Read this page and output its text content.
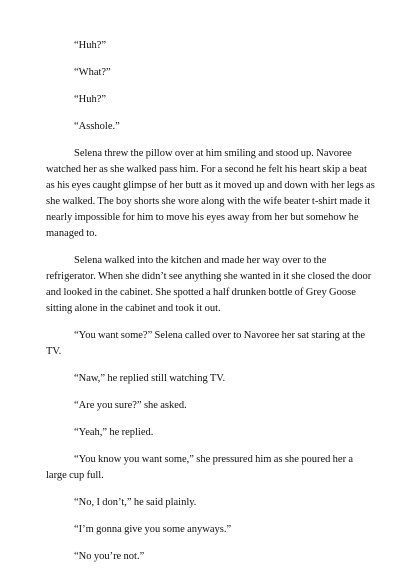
“Huh?”

“What?”

“Huh?”

“Asshole.”

Selena threw the pillow over at him smiling and stood up. Navoree watched her as she walked pass him. For a second he felt his heart skip a beat as his eyes caught glimpse of her butt as it moved up and down with her legs as she walked. The boy shorts she wore along with the wife beater t-shirt made it nearly impossible for him to move his eyes away from her but somehow he managed to.

Selena walked into the kitchen and made her way over to the refrigerator. When she didn’t see anything she wanted in it she closed the door and looked in the cabinet. She spotted a half drunken bottle of Grey Goose sitting alone in the cabinet and took it out.

“You want some?” Selena called over to Navoree her sat staring at the TV.

“Naw,” he replied still watching TV.

“Are you sure?” she asked.

“Yeah,” he replied.

“You know you want some,” she pressured him as she poured her a large cup full.

“No, I don’t,” he said plainly.

“I’m gonna give you some anyways.”

“No you’re not.”
